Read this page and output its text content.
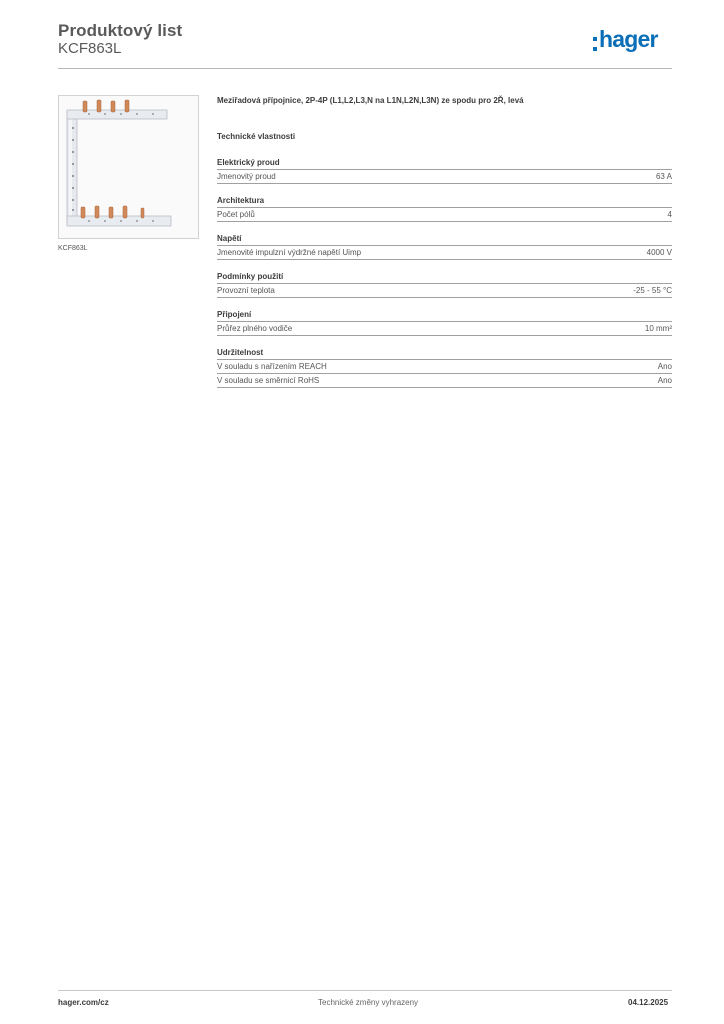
Produktový list
KCF863L	hager
KCF863L
Meziřadová přípojnice, 2P-4P (L1,L2,L3,N na L1N,L2N,L3N) ze spodu pro 2Ř, levá
Technické vlastnosti
Elektrický proud
Jmenovitý proud	63 A
Architektura
Počet pólů	4
Napětí
Jmenovité impulzní výdržné napětí Uimp	4000 V
Podmínky použití
Provozní teplota	-25 - 55 °C
Připojení
Průřez plného vodiče	10 mm²
Udržitelnost
V souladu s nařízením REACH	Ano
V souladu se směrnicí RoHS	Ano
hager.com/cz	Technické změny vyhrazeny	04.12.2025
